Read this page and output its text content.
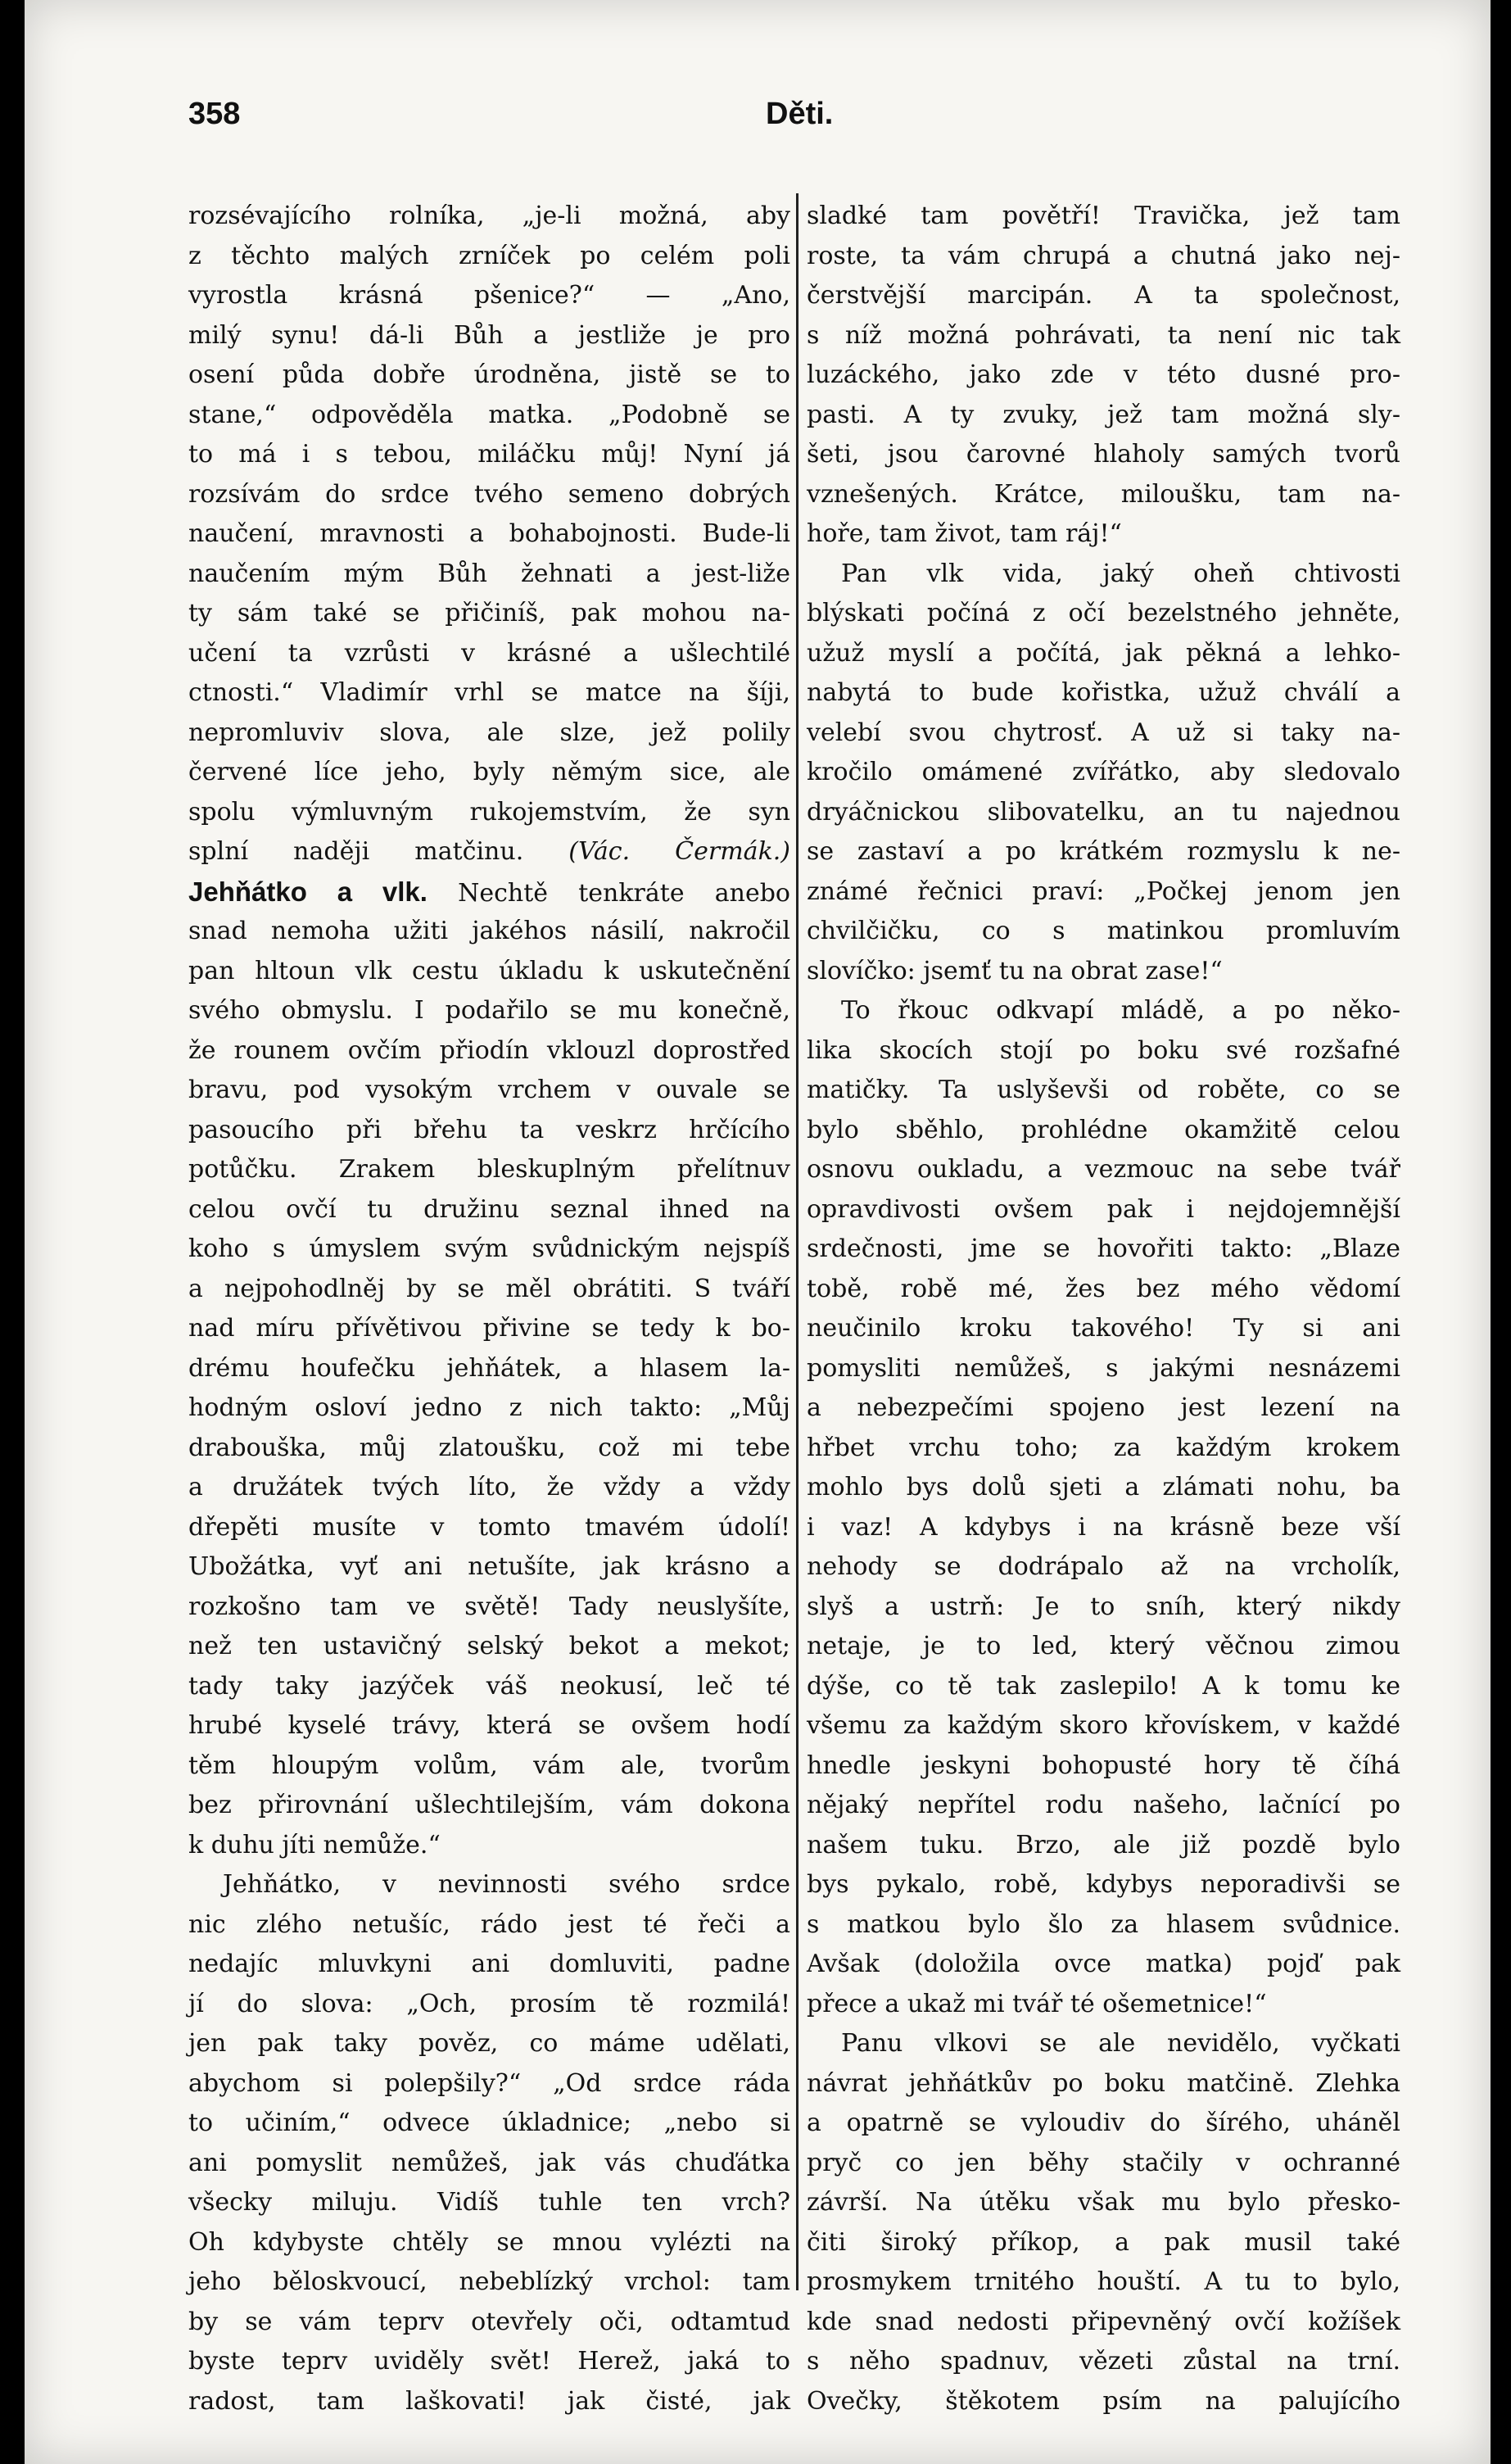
358	Děti.
rozsévajícího rolníka, „je-li možná, aby
z těchto malých zrníček po celém poli
vyrostla krásná pšenice?“ — „Ano,
milý synu! dá-li Bůh a jestliže je pro
osení půda dobře úrodněna, jistě se to
stane,“ odpověděla matka. „Podobně se
to má i s tebou, miláčku můj! Nyní já
rozsívám do srdce tvého semeno dobrých
naučení, mravnosti a bohabojnosti. Bude-li
naučením mým Bůh žehnati a jest-liže
ty sám také se přičiníš, pak mohou na-
učení ta vzrůsti v krásné a ušlechtilé
ctnosti.“ Vladimír vrhl se matce na šíji,
nepromluviv slova, ale slze, jež polily
červené líce jeho, byly němým sice, ale
spolu výmluvným rukojemstvím, že syn
splní naději matčinu. (Vác. Čermák.)
Jehňátko a vlk. Nechtě tenkráte anebo
snad nemoha užiti jakéhos násilí, nakročil
pan hltoun vlk cestu úkladu k uskutečnění
svého obmyslu. I podařilo se mu konečně,
že rounem ovčím přiodín vklouzl doprostřed
bravu, pod vysokým vrchem v ouvale se
pasoucího při břehu ta veskrz hrčícího
potůčku. Zrakem bleskuplným přelítnuv
celou ovčí tu družinu seznal ihned na
koho s úmyslem svým svůdnickým nejspíš
a nejpohodlněj by se měl obrátiti. S tváří
nad míru přívětivou přivine se tedy k bo-
drému houfečku jehňátek, a hlasem la-
hodným osloví jedno z nich takto: „Můj
drabouška, můj zlatoušku, což mi tebe
a družátek tvých líto, že vždy a vždy
dřepěti musíte v tomto tmavém údolí!
Ubožátka, vyť ani netušíte, jak krásno a
rozkošno tam ve světě! Tady neuslyšíte,
než ten ustavičný selský bekot a mekot;
tady taky jazýček váš neokusí, leč té
hrubé kyselé trávy, která se ovšem hodí
těm hloupým volům, vám ale, tvorům
bez přirovnání ušlechtilejším, vám dokona
k duhu jíti nemůže.“
Jehňátko, v nevinnosti svého srdce
nic zlého netušíc, rádo jest té řeči a
nedajíc mluvkyni ani domluviti, padne
jí do slova: „Och, prosím tě rozmilá!
jen pak taky pověz, co máme udělati,
abychom si polepšily?“ „Od srdce ráda
to učiním,“ odvece úkladnice; „nebo si
ani pomyslit nemůžeš, jak vás chuďátka
všecky miluju. Vidíš tuhle ten vrch?
Oh kdybyste chtěly se mnou vylézti na
jeho běloskvoucí, nebeblízký vrchol: tam
by se vám teprv otevřely oči, odtamtud
byste teprv uviděly svět! Herež, jaká to
radost, tam laškovati! jak čisté, jak
sladké tam povětří! Travička, jež tam
roste, ta vám chrupá a chutná jako nej-
čerstvější marcipán. A ta společnost,
s níž možná pohrávati, ta není nic tak
luzáckého, jako zde v této dusné pro-
pasti. A ty zvuky, jež tam možná sly-
šeti, jsou čarovné hlaholy samých tvorů
vznešených. Krátce, miloušku, tam na-
hoře, tam život, tam ráj!“
Pan vlk vida, jaký oheň chtivosti
blýskati počíná z očí bezelstného jehněte,
užuž myslí a počítá, jak pěkná a lehko-
nabytá to bude kořistka, užuž chválí a
velebí svou chytrosť. A už si taky na-
kročilo omámené zvířátko, aby sledovalo
dryáčnickou slibovatelku, an tu najednou
se zastaví a po krátkém rozmyslu k ne-
známé řečnici praví: „Počkej jenom jen
chvilčičku, co s matinkou promluvím
slovíčko: jsemť tu na obrat zase!“
To řkouc odkvapí mládě, a po něko-
lika skocích stojí po boku své rozšafné
matičky. Ta uslyševši od roběte, co se
bylo sběhlo, prohlédne okamžitě celou
osnovu oukladu, a vezmouc na sebe tvář
opravdivosti ovšem pak i nejdojemnější
srdečnosti, jme se hovořiti takto: „Blaze
tobě, robě mé, žes bez mého vědomí
neučinilo kroku takového! Ty si ani
pomysliti nemůžeš, s jakými nesnázemi
a nebezpečími spojeno jest lezení na
hřbet vrchu toho; za každým krokem
mohlo bys dolů sjeti a zlámati nohu, ba
i vaz! A kdybys i na krásně beze vší
nehody se dodrápalo až na vrcholík,
slyš a ustrň: Je to sníh, který nikdy
netaje, je to led, který věčnou zimou
dýše, co tě tak zaslepilo! A k tomu ke
všemu za každým skoro křovískem, v každé
hnedle jeskyni bohopusté hory tě číhá
nějaký nepřítel rodu našeho, lačnící po
našem tuku. Brzo, ale již pozdě bylo
bys pykalo, robě, kdybys neporadivši se
s matkou bylo šlo za hlasem svůdnice.
Avšak (doložila ovce matka) pojď pak
přece a ukaž mi tvář té ošemetnice!“
Panu vlkovi se ale nevidělo, vyčkati
návrat jehňátkův po boku matčině. Zlehka
a opatrně se vyloudiv do šírého, uháněl
pryč co jen běhy stačily v ochranné
závrší. Na útěku však mu bylo přesko-
čiti široký příkop, a pak musil také
prosmykem trnitého houští. A tu to bylo,
kde snad nedosti připevněný ovčí kožíšek
s něho spadnuv, vězeti zůstal na trní.
Ovečky, štěkotem psím na palujícího
